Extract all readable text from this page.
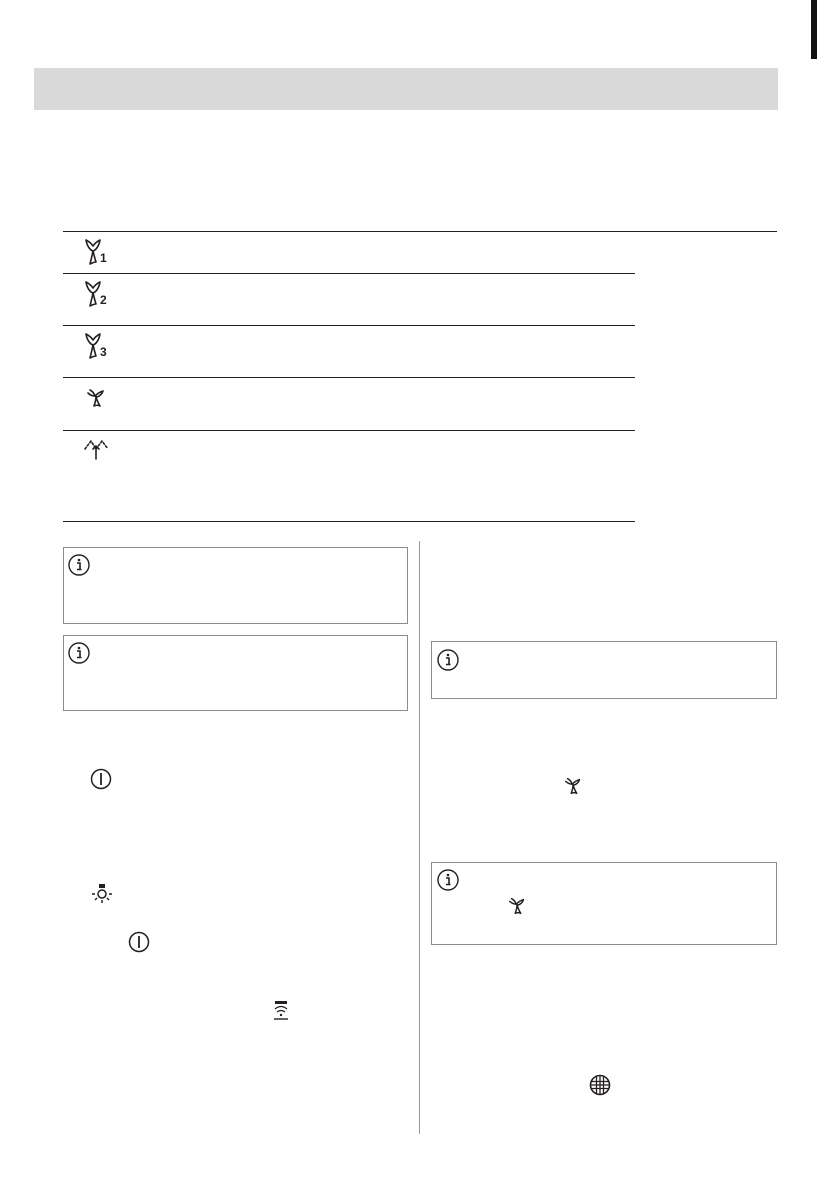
1
2
3
